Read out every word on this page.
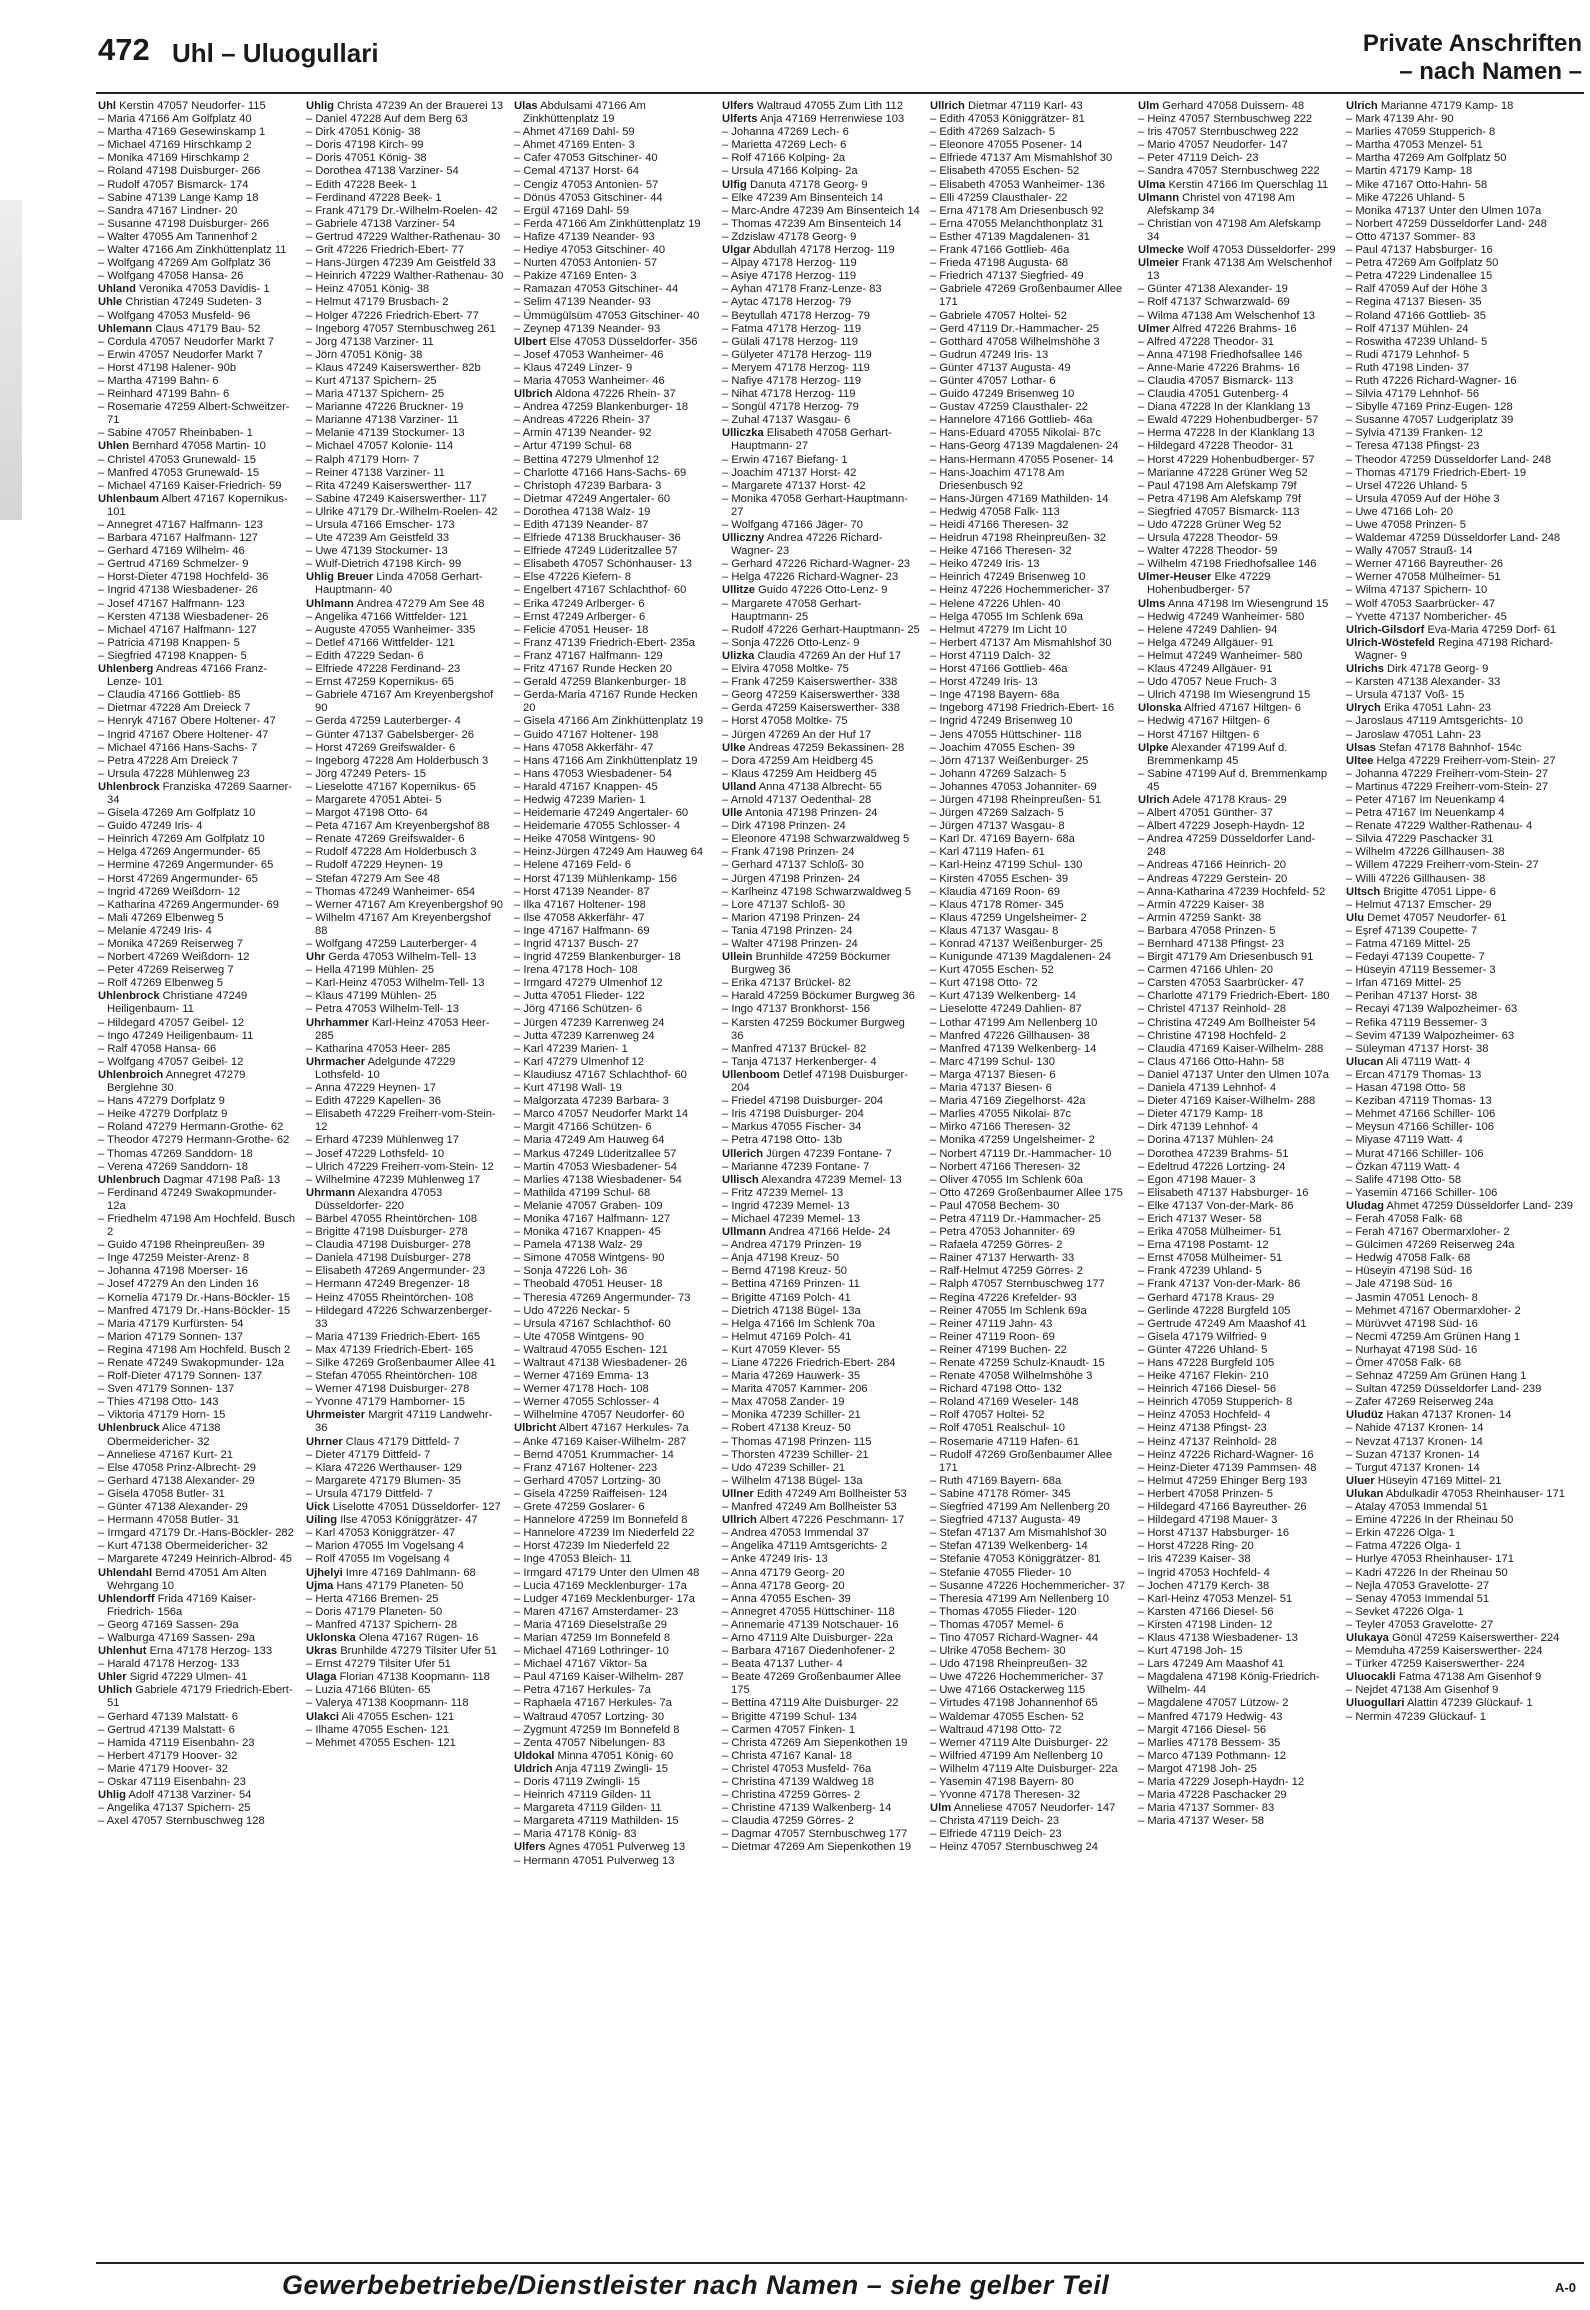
472 Uhl – Uluogullari	Private Anschriften
– nach Namen –

Uhl Kerstin 47057 Neudorfer- 115

– Maria 47166 Am Golfplatz 40

– Martha 47169 Gesewinskamp 1

– Michael 47169 Hirschkamp 2

– Monika 47169 Hirschkamp 2

– Roland 47198 Duisburger- 266

– Rudolf 47057 Bismarck- 174

– Sabine 47139 Lange Kamp 18

– Sandra 47167 Lindner- 20

– Susanne 47198 Duisburger- 266

– Walter 47055 Am Tannenhof 2

– Walter 47166 Am Zinkhüttenplatz 11

– Wolfgang 47269 Am Golfplatz 36

– Wolfgang 47058 Hansa- 26

Uhland Veronika 47053 Davidis- 1

Uhle Christian 47249 Sudeten- 3

– Wolfgang 47053 Musfeld- 96

Uhlemann Claus 47179 Bau- 52

– Cordula 47057 Neudorfer Markt 7

– Erwin 47057 Neudorfer Markt 7

– Horst 47198 Halener- 90b

– Martha 47199 Bahn- 6

– Reinhard 47199 Bahn- 6

– Rosemarie 47259 Albert-Schweitzer- 71

– Sabine 47057 Rheinbaben- 1

Uhlen Bernhard 47058 Martin- 10

– Christel 47053 Grunewald- 15

– Manfred 47053 Grunewald- 15

– Michael 47169 Kaiser-Friedrich- 59

Uhlenbaum Albert 47167 Kopernikus- 101

– Annegret 47167 Halfmann- 123

– Barbara 47167 Halfmann- 127

– Gerhard 47169 Wilhelm- 46

– Gertrud 47169 Schmelzer- 9

– Horst-Dieter 47198 Hochfeld- 36

– Ingrid 47138 Wiesbadener- 26

– Josef 47167 Halfmann- 123

– Kersten 47138 Wiesbadener- 26

– Michael 47167 Halfmann- 127

– Patricia 47198 Knappen- 5

– Siegfried 47198 Knappen- 5

Uhlenberg Andreas 47166 Franz-Lenze- 101

– Claudia 47166 Gottlieb- 85

– Dietmar 47228 Am Dreieck 7

– Henryk 47167 Obere Holtener- 47

– Ingrid 47167 Obere Holtener- 47

– Michael 47166 Hans-Sachs- 7

– Petra 47228 Am Dreieck 7

– Ursula 47228 Mühlenweg 23

Uhlenbrock Franziska 47269 Saarner- 34

– Gisela 47269 Am Golfplatz 10

– Guido 47249 Iris- 4

– Heinrich 47269 Am Golfplatz 10

– Helga 47269 Angermunder- 65

– Hermine 47269 Angermunder- 65

– Horst 47269 Angermunder- 65

– Ingrid 47269 Weißdorn- 12

– Katharina 47269 Angermunder- 69

– Mali 47269 Elbenweg 5

– Melanie 47249 Iris- 4

– Monika 47269 Reiserweg 7

– Norbert 47269 Weißdorn- 12

– Peter 47269 Reiserweg 7

– Rolf 47269 Elbenweg 5

Uhlenbrock Christiane 47249 Heiligenbaum- 11

– Hildegard 47057 Geibel- 12

– Ingo 47249 Heiligenbaum- 11

– Ralf 47058 Hansa- 66

– Wolfgang 47057 Geibel- 12

Uhlenbroich Annegret 47279 Berglehne 30

– Hans 47279 Dorfplatz 9

– Heike 47279 Dorfplatz 9

– Roland 47279 Hermann-Grothe- 62

– Theodor 47279 Hermann-Grothe- 62

– Thomas 47269 Sanddorn- 18

– Verena 47269 Sanddorn- 18

Uhlenbruch Dagmar 47198 Paß- 13

– Ferdinand 47249 Swakopmunder- 12a

– Friedhelm 47198 Am Hochfeld. Busch 2

– Guido 47198 Rheinpreußen- 39

– Inge 47259 Meister-Arenz- 8

– Johanna 47198 Moerser- 16

– Josef 47279 An den Linden 16

– Kornelia 47179 Dr.-Hans-Böckler- 15

– Manfred 47179 Dr.-Hans-Böckler- 15

– Maria 47179 Kurfürsten- 54

– Marion 47179 Sonnen- 137

– Regina 47198 Am Hochfeld. Busch 2

– Renate 47249 Swakopmunder- 12a

– Rolf-Dieter 47179 Sonnen- 137

– Sven 47179 Sonnen- 137

– Thies 47198 Otto- 143

– Viktoria 47179 Horn- 15

Uhlenbruck Alice 47138 Obermeidericher- 32

– Anneliese 47167 Kurt- 21

– Else 47058 Prinz-Albrecht- 29

– Gerhard 47138 Alexander- 29

– Gisela 47058 Butler- 31

– Günter 47138 Alexander- 29

– Hermann 47058 Butler- 31

– Irmgard 47179 Dr.-Hans-Böckler- 282

– Kurt 47138 Obermeidericher- 32

– Margarete 47249 Heinrich-Albrod- 45

Uhlendahl Bernd 47051 Am Alten Wehrgang 10

Uhlendorff Frida 47169 Kaiser-Friedrich- 156a

– Georg 47169 Sassen- 29a

– Walburga 47169 Sassen- 29a

Uhlenhut Erna 47178 Herzog- 133

– Harald 47178 Herzog- 133

Uhler Sigrid 47229 Ulmen- 41

Uhlich Gabriele 47179 Friedrich-Ebert- 51

– Gerhard 47139 Malstatt- 6

– Gertrud 47139 Malstatt- 6

– Hamida 47119 Eisenbahn- 23

– Herbert 47179 Hoover- 32

– Marie 47179 Hoover- 32

– Oskar 47119 Eisenbahn- 23

Uhlig Adolf 47138 Varziner- 54

– Angelika 47137 Spichern- 25

– Axel 47057 Sternbuschweg 128

Uhlig Christa 47239 An der Brauerei 13

– Daniel 47228 Auf dem Berg 63

– Dirk 47051 König- 38

– Doris 47198 Kirch- 99

– Doris 47051 König- 38

– Dorothea 47138 Varziner- 54

– Edith 47228 Beek- 1

– Ferdinand 47228 Beek- 1

– Frank 47179 Dr.-Wilhelm-Roelen- 42

– Gabriele 47138 Varziner- 54

– Gertrud 47229 Walther-Rathenau- 30

– Grit 47226 Friedrich-Ebert- 77

– Hans-Jürgen 47239 Am Geistfeld 33

– Heinrich 47229 Walther-Rathenau- 30

– Heinz 47051 König- 38

– Helmut 47179 Brusbach- 2

– Holger 47226 Friedrich-Ebert- 77

– Ingeborg 47057 Sternbuschweg 261

– Jörg 47138 Varziner- 11

– Jörn 47051 König- 38

– Klaus 47249 Kaiserswerther- 82b

– Kurt 47137 Spichern- 25

– Maria 47137 Spichern- 25

– Marianne 47226 Bruckner- 19

– Marianne 47138 Varziner- 11

– Melanie 47139 Stockumer- 13

– Michael 47057 Kolonie- 114

– Ralph 47179 Horn- 7

– Reiner 47138 Varziner- 11

– Rita 47249 Kaiserswerther- 117

– Sabine 47249 Kaiserswerther- 117

– Ulrike 47179 Dr.-Wilhelm-Roelen- 42

– Ursula 47166 Emscher- 173

– Ute 47239 Am Geistfeld 33

– Uwe 47139 Stockumer- 13

– Wulf-Dietrich 47198 Kirch- 99

Uhlig Breuer Linda 47058 Gerhart-Hauptmann- 40

Uhlmann Andrea 47279 Am See 48

– Angelika 47166 Wittfelder- 121

– Auguste 47055 Wanheimer- 335

– Detlef 47166 Wittfelder- 121

– Edith 47229 Sedan- 6

– Elfriede 47228 Ferdinand- 23

– Ernst 47259 Kopernikus- 65

– Gabriele 47167 Am Kreyenbergshof 90

– Gerda 47259 Lauterberger- 4

– Günter 47137 Gabelsberger- 26

– Horst 47269 Greifswalder- 6

– Ingeborg 47228 Am Holderbusch 3

– Jörg 47249 Peters- 15

– Lieselotte 47167 Kopernikus- 65

– Margarete 47051 Abtei- 5

– Margot 47198 Otto- 64

– Peta 47167 Am Kreyenbergshof 88

– Renate 47269 Greifswalder- 6

– Rudolf 47228 Am Holderbusch 3

– Rudolf 47229 Heynen- 19

– Stefan 47279 Am See 48

– Thomas 47249 Wanheimer- 654

– Werner 47167 Am Kreyenbergshof 90

– Wilhelm 47167 Am Kreyenbergshof 88

– Wolfgang 47259 Lauterberger- 4

Uhr Gerda 47053 Wilhelm-Tell- 13

– Hella 47199 Mühlen- 25

– Karl-Heinz 47053 Wilhelm-Tell- 13

– Klaus 47199 Mühlen- 25

– Petra 47053 Wilhelm-Tell- 13

Uhrhammer Karl-Heinz 47053 Heer- 285

– Katharina 47053 Heer- 285

Uhrmacher Adelgunde 47229 Lothsfeld- 10

– Anna 47229 Heynen- 17

– Edith 47229 Kapellen- 36

– Elisabeth 47229 Freiherr-vom-Stein- 12

– Erhard 47239 Mühlenweg 17

– Josef 47229 Lothsfeld- 10

– Ulrich 47229 Freiherr-vom-Stein- 12

– Wilhelmine 47239 Mühlenweg 17

Uhrmann Alexandra 47053 Düsseldorfer- 220

– Bärbel 47055 Rheintörchen- 108

– Brigitte 47198 Duisburger- 278

– Claudia 47198 Duisburger- 278

– Daniela 47198 Duisburger- 278

– Elisabeth 47269 Angermunder- 23

– Hermann 47249 Bregenzer- 18

– Heinz 47055 Rheintörchen- 108

– Hildegard 47226 Schwarzenberger- 33

– Maria 47139 Friedrich-Ebert- 165

– Max 47139 Friedrich-Ebert- 165

– Silke 47269 Großenbaumer Allee 41

– Stefan 47055 Rheintörchen- 108

– Werner 47198 Duisburger- 278

– Yvonne 47179 Hamborner- 15

Uhrmeister Margrit 47119 Landwehr- 36

Uhrner Claus 47179 Dittfeld- 7

– Dieter 47179 Dittfeld- 7

– Klara 47226 Werthauser- 129

– Margarete 47179 Blumen- 35

– Ursula 47179 Dittfeld- 7

Uick Liselotte 47051 Düsseldorfer- 127

Uiling Ilse 47053 Königgrätzer- 47

– Karl 47053 Königgrätzer- 47

– Marion 47055 Im Vogelsang 4

– Rolf 47055 Im Vogelsang 4

Ujhelyi Imre 47169 Dahlmann- 68

Ujma Hans 47179 Planeten- 50

– Herta 47166 Bremen- 25

– Doris 47179 Planeten- 50

– Manfred 47137 Spichern- 28

Uklonska Olena 47167 Rügen- 16

Ukras Brunhilde 47279 Tilsiter Ufer 51

– Ernst 47279 Tilsiter Ufer 51

Ulaga Florian 47138 Koopmann- 118

– Luzia 47166 Blüten- 65

– Valerya 47138 Koopmann- 118

Ulakci Ali 47055 Eschen- 121

– Ilhame 47055 Eschen- 121

– Mehmet 47055 Eschen- 121

Ulas Abdulsami 47166 Am Zinkhüttenplatz 19

– Ahmet 47169 Dahl- 59

– Ahmet 47169 Enten- 3

– Cafer 47053 Gitschiner- 40

– Cemal 47137 Horst- 64

– Cengiz 47053 Antonien- 57

– Dönüs 47053 Gitschiner- 44

– Ergül 47169 Dahl- 59

– Ferda 47166 Am Zinkhüttenplatz 19

– Hafize 47139 Neander- 93

– Hediye 47053 Gitschiner- 40

– Nurten 47053 Antonien- 57

– Pakize 47169 Enten- 3

– Ramazan 47053 Gitschiner- 44

– Selim 47139 Neander- 93

– Ümmügülsüm 47053 Gitschiner- 40

– Zeynep 47139 Neander- 93

Ulbert Else 47053 Düsseldorfer- 356

– Josef 47053 Wanheimer- 46

– Klaus 47249 Linzer- 9

– Maria 47053 Wanheimer- 46

Ulbrich Aldona 47226 Rhein- 37

– Andrea 47259 Blankenburger- 18

– Andreas 47226 Rhein- 37

– Armin 47139 Neander- 92

– Artur 47199 Schul- 68

– Bettina 47279 Ulmenhof 12

– Charlotte 47166 Hans-Sachs- 69

– Christoph 47239 Barbara- 3

– Dietmar 47249 Angertaler- 60

– Dorothea 47138 Walz- 19

– Edith 47139 Neander- 87

– Elfriede 47138 Bruckhauser- 36

– Elfriede 47249 Lüderitzallee 57

– Elisabeth 47057 Schönhauser- 13

– Else 47226 Kiefern- 8

– Engelbert 47167 Schlachthof- 60

– Erika 47249 Arlberger- 6

– Ernst 47249 Arlberger- 6

– Felicie 47051 Heuser- 18

– Franz 47139 Friedrich-Ebert- 235a

– Franz 47167 Halfmann- 129

– Fritz 47167 Runde Hecken 20

– Gerald 47259 Blankenburger- 18

– Gerda-Maria 47167 Runde Hecken 20

– Gisela 47166 Am Zinkhüttenplatz 19

– Guido 47167 Holtener- 198

– Hans 47058 Akkerfähr- 47

– Hans 47166 Am Zinkhüttenplatz 19

– Hans 47053 Wiesbadener- 54

– Harald 47167 Knappen- 45

– Hedwig 47239 Marien- 1

– Heidemarie 47249 Angertaler- 60

– Heidemarie 47055 Schlosser- 4

– Heike 47058 Wintgens- 90

– Heinz-Jürgen 47249 Am Hauweg 64

– Helene 47169 Feld- 6

– Horst 47139 Mühlenkamp- 156

– Horst 47139 Neander- 87

– Ilka 47167 Holtener- 198

– Ilse 47058 Akkerfähr- 47

– Inge 47167 Halfmann- 69

– Ingrid 47137 Busch- 27

– Ingrid 47259 Blankenburger- 18

– Irena 47178 Hoch- 108

– Irmgard 47279 Ulmenhof 12

– Jutta 47051 Flieder- 122

– Jörg 47166 Schützen- 6

– Jürgen 47239 Karrenweg 24

– Jutta 47239 Karrenweg 24

– Karl 47239 Marien- 1

– Karl 47279 Ulmenhof 12

– Klaudiusz 47167 Schlachthof- 60

– Kurt 47198 Wall- 19

– Malgorzata 47239 Barbara- 3

– Marco 47057 Neudorfer Markt 14

– Margit 47166 Schützen- 6

– Maria 47249 Am Hauweg 64

– Markus 47249 Lüderitzallee 57

– Martin 47053 Wiesbadener- 54

– Marlies 47138 Wiesbadener- 54

– Mathilda 47199 Schul- 68

– Melanie 47057 Graben- 109

– Monika 47167 Halfmann- 127

– Monika 47167 Knappen- 45

– Pamela 47138 Walz- 29

– Simone 47058 Wintgens- 90

– Sonja 47226 Loh- 36

– Theobald 47051 Heuser- 18

– Theresia 47269 Angermunder- 73

– Udo 47226 Neckar- 5

– Ursula 47167 Schlachthof- 60

– Ute 47058 Wintgens- 90

– Waltraud 47055 Eschen- 121

– Waltraut 47138 Wiesbadener- 26

– Werner 47169 Emma- 13

– Werner 47178 Hoch- 108

– Werner 47055 Schlosser- 4

– Wilhelmine 47057 Neudorfer- 60

Ulbricht Albert 47167 Herkules- 7a

– Anke 47169 Kaiser-Wilhelm- 287

– Bernd 47051 Krummacher- 14

– Franz 47167 Holtener- 223

– Gerhard 47057 Lortzing- 30

– Gisela 47259 Raiffeisen- 124

– Grete 47259 Goslarer- 6

– Hannelore 47259 Im Bonnefeld 8

– Hannelore 47239 Im Niederfeld 22

– Horst 47239 Im Niederfeld 22

– Inge 47053 Bleich- 11

– Irmgard 47179 Unter den Ulmen 48

– Lucia 47169 Mecklenburger- 17a

– Ludger 47169 Mecklenburger- 17a

– Maren 47167 Amsterdamer- 23

– Maria 47169 Dieselstraße 29

– Marian 47259 Im Bonnefeld 8

– Michael 47169 Lothringer- 10

– Michael 47167 Viktor- 5a

– Paul 47169 Kaiser-Wilhelm- 287

– Petra 47167 Herkules- 7a

– Raphaela 47167 Herkules- 7a

– Waltraud 47057 Lortzing- 30

– Zygmunt 47259 Im Bonnefeld 8

– Zenta 47057 Nibelungen- 83

Uldokal Minna 47051 König- 60

Uldrich Anja 47119 Zwingli- 15

– Doris 47119 Zwingli- 15

– Heinrich 47119 Gilden- 11

– Margareta 47119 Gilden- 11

– Margareta 47119 Mathilden- 15

– Maria 47178 König- 83

Ulfers Agnes 47051 Pulverweg 13

– Hermann 47051 Pulverweg 13

Ulfers Waltraud 47055 Zum Lith 112

Ulferts Anja 47169 Herrenwiese 103

– Johanna 47269 Lech- 6

– Marietta 47269 Lech- 6

– Rolf 47166 Kolping- 2a

– Ursula 47166 Kolping- 2a

Ulfig Danuta 47178 Georg- 9

– Elke 47239 Am Binsenteich 14

– Marc-Andre 47239 Am Binsenteich 14

– Thomas 47239 Am Binsenteich 14

– Zdzislaw 47178 Georg- 9

Ulgar Abdullah 47178 Herzog- 119

– Alpay 47178 Herzog- 119

– Asiye 47178 Herzog- 119

– Ayhan 47178 Franz-Lenze- 83

– Aytac 47178 Herzog- 79

– Beytullah 47178 Herzog- 79

– Fatma 47178 Herzog- 119

– Gülali 47178 Herzog- 119

– Gülyeter 47178 Herzog- 119

– Meryem 47178 Herzog- 119

– Nafiye 47178 Herzog- 119

– Nihat 47178 Herzog- 119

– Songül 47178 Herzog- 79

– Zuhal 47137 Wasgau- 6

Ulliczka Elisabeth 47058 Gerhart-Hauptmann- 27

– Erwin 47167 Biefang- 1

– Joachim 47137 Horst- 42

– Margarete 47137 Horst- 42

– Monika 47058 Gerhart-Hauptmann- 27

– Wolfgang 47166 Jäger- 70

Ulliczny Andrea 47226 Richard-Wagner- 23

– Gerhard 47226 Richard-Wagner- 23

– Helga 47226 Richard-Wagner- 23

Ullitze Guido 47226 Otto-Lenz- 9

– Margarete 47058 Gerhart-Hauptmann- 25

– Rudolf 47226 Gerhart-Hauptmann- 25

– Sonja 47226 Otto-Lenz- 9

Ulizka Claudia 47269 An der Huf 17

– Elvira 47058 Moltke- 75

– Frank 47259 Kaiserswerther- 338

– Georg 47259 Kaiserswerther- 338

– Gerda 47259 Kaiserswerther- 338

– Horst 47058 Moltke- 75

– Jürgen 47269 An der Huf 17

Ulke Andreas 47259 Bekassinen- 28

– Dora 47259 Am Heidberg 45

– Klaus 47259 Am Heidberg 45

Ulland Anna 47138 Albrecht- 55

– Arnold 47137 Oedenthal- 28

Ulle Antonia 47198 Prinzen- 24

– Dirk 47198 Prinzen- 24

– Eleonore 47198 Schwarzwaldweg 5

– Frank 47198 Prinzen- 24

– Gerhard 47137 Schloß- 30

– Jürgen 47198 Prinzen- 24

– Karlheinz 47198 Schwarzwaldweg 5

– Lore 47137 Schloß- 30

– Marion 47198 Prinzen- 24

– Tania 47198 Prinzen- 24

– Walter 47198 Prinzen- 24

Ullein Brunhilde 47259 Böckumer Burgweg 36

– Erika 47137 Brückel- 82

– Harald 47259 Böckumer Burgweg 36

– Ingo 47137 Bronkhorst- 156

– Karsten 47259 Böckumer Burgweg 36

– Manfred 47137 Brückel- 82

– Tanja 47137 Herkenberger- 4

Ullenboom Detlef 47198 Duisburger- 204

– Friedel 47198 Duisburger- 204

– Iris 47198 Duisburger- 204

– Markus 47055 Fischer- 34

– Petra 47198 Otto- 13b

Ullerich Jürgen 47239 Fontane- 7

– Marianne 47239 Fontane- 7

Ullisch Alexandra 47239 Memel- 13

– Fritz 47239 Memel- 13

– Ingrid 47239 Memel- 13

– Michael 47239 Memel- 13

Ullmann Andrea 47166 Helde- 24

– Andrea 47179 Prinzen- 19

– Anja 47198 Kreuz- 50

– Bernd 47198 Kreuz- 50

– Bettina 47169 Prinzen- 11

– Brigitte 47169 Polch- 41

– Dietrich 47138 Bügel- 13a

– Helga 47166 Im Schlenk 70a

– Helmut 47169 Polch- 41

– Kurt 47059 Klever- 55

– Liane 47226 Friedrich-Ebert- 284

– Maria 47269 Hauwerk- 35

– Marita 47057 Kammer- 206

– Max 47058 Zander- 19

– Monika 47239 Schiller- 21

– Robert 47138 Kreuz- 50

– Thomas 47198 Prinzen- 115

– Thorsten 47239 Schiller- 21

– Udo 47239 Schiller- 21

– Wilhelm 47138 Bügel- 13a

Ullner Edith 47249 Am Bollheister 53

– Manfred 47249 Am Bollheister 53

Ullrich Albert 47226 Peschmann- 17

– Andrea 47053 Immendal 37

– Angelika 47119 Amtsgerichts- 2

– Anke 47249 Iris- 13

– Anna 47179 Georg- 20

– Anna 47178 Georg- 20

– Anna 47055 Eschen- 39

– Annegret 47055 Hüttschiner- 118

– Annemarie 47139 Notschauer- 16

– Arno 47119 Alte Duisburger- 22a

– Barbara 47167 Diedenhofener- 2

– Beata 47137 Luther- 4

– Beate 47269 Großenbaumer Allee 175

– Bettina 47119 Alte Duisburger- 22

– Brigitte 47199 Schul- 134

– Carmen 47057 Finken- 1

– Christa 47269 Am Siepenkothen 19

– Christa 47167 Kanal- 18

– Christel 47053 Musfeld- 76a

– Christina 47139 Waldweg 18

– Christina 47259 Görres- 2

– Christine 47139 Walkenberg- 14

– Claudia 47259 Görres- 2

– Dagmar 47057 Sternbuschweg 177

– Dietmar 47269 Am Siepenkothen 19

Ullrich Dietmar 47119 Karl- 43

– Edith 47053 Königgrätzer- 81

– Edith 47269 Salzach- 5

– Eleonore 47055 Posener- 14

– Elfriede 47137 Am Mismahlshof 30

– Elisabeth 47055 Eschen- 52

– Elisabeth 47053 Wanheimer- 136

– Elli 47259 Clausthaler- 22

– Erna 47178 Am Driesenbusch 92

– Erna 47055 Melanchthonplatz 31

– Esther 47139 Magdalenen- 31

– Frank 47166 Gottlieb- 46a

– Frieda 47198 Augusta- 68

– Friedrich 47137 Siegfried- 49

– Gabriele 47269 Großenbaumer Allee 171

– Gabriele 47057 Holtei- 52

– Gerd 47119 Dr.-Hammacher- 25

– Gotthard 47058 Wilhelmshöhe 3

– Gudrun 47249 Iris- 13

– Günter 47137 Augusta- 49

– Günter 47057 Lothar- 6

– Guido 47249 Brisenweg 10

– Gustav 47259 Clausthaler- 22

– Hannelore 47166 Gottlieb- 46a

– Hans-Eduard 47055 Nikolai- 87c

– Hans-Georg 47139 Magdalenen- 24

– Hans-Hermann 47055 Posener- 14

– Hans-Joachim 47178 Am Driesenbusch 92

– Hans-Jürgen 47169 Mathilden- 14

– Hedwig 47058 Falk- 113

– Heidi 47166 Theresen- 32

– Heidrun 47198 Rheinpreußen- 32

– Heike 47166 Theresen- 32

– Heiko 47249 Iris- 13

– Heinrich 47249 Brisenweg 10

– Heinz 47226 Hochemmericher- 37

– Helene 47226 Uhlen- 40

– Helga 47055 Im Schlenk 69a

– Helmut 47279 Im Licht 10

– Herbert 47137 Am Mismahlshof 30

– Horst 47119 Dalch- 32

– Horst 47166 Gottlieb- 46a

– Horst 47249 Iris- 13

– Inge 47198 Bayern- 68a

– Ingeborg 47198 Friedrich-Ebert- 16

– Ingrid 47249 Brisenweg 10

– Jens 47055 Hüttschiner- 118

– Joachim 47055 Eschen- 39

– Jörn 47137 Weißenburger- 25

– Johann 47269 Salzach- 5

– Johannes 47053 Johanniter- 69

– Jürgen 47198 Rheinpreußen- 51

– Jürgen 47269 Salzach- 5

– Jürgen 47137 Wasgau- 8

– Karl Dr. 47169 Bayern- 68a

– Karl 47119 Hafen- 61

– Karl-Heinz 47199 Schul- 130

– Kirsten 47055 Eschen- 39

– Klaudia 47169 Roon- 69

– Klaus 47178 Römer- 345

– Klaus 47259 Ungelsheimer- 2

– Klaus 47137 Wasgau- 8

– Konrad 47137 Weißenburger- 25

– Kunigunde 47139 Magdalenen- 24

– Kurt 47055 Eschen- 52

– Kurt 47198 Otto- 72

– Kurt 47139 Welkenberg- 14

– Lieselotte 47249 Dahlien- 87

– Lothar 47199 Am Nellenberg 10

– Manfred 47226 Gillhausen- 38

– Manfred 47139 Welkenberg- 14

– Marc 47199 Schul- 130

– Marga 47137 Biesen- 6

– Maria 47137 Biesen- 6

– Maria 47169 Ziegelhorst- 42a

– Marlies 47055 Nikolai- 87c

– Mirko 47166 Theresen- 32

– Monika 47259 Ungelsheimer- 2

– Norbert 47119 Dr.-Hammacher- 10

– Norbert 47166 Theresen- 32

– Oliver 47055 Im Schlenk 60a

– Otto 47269 Großenbaumer Allee 175

– Paul 47058 Bechem- 30

– Petra 47119 Dr.-Hammacher- 25

– Petra 47053 Johanniter- 69

– Rafaela 47259 Görres- 2

– Rainer 47137 Herwarth- 33

– Ralf-Helmut 47259 Görres- 2

– Ralph 47057 Sternbuschweg 177

– Regina 47226 Krefelder- 93

– Reiner 47055 Im Schlenk 69a

– Reiner 47119 Jahn- 43

– Reiner 47119 Roon- 69

– Reiner 47199 Buchen- 22

– Renate 47259 Schulz-Knaudt- 15

– Renate 47058 Wilhelmshöhe 3

– Richard 47198 Otto- 132

– Roland 47169 Weseler- 148

– Rolf 47057 Holtei- 52

– Rolf 47051 Realschul- 10

– Rosemarie 47119 Hafen- 61

– Rudolf 47269 Großenbaumer Allee 171

– Ruth 47169 Bayern- 68a

– Sabine 47178 Römer- 345

– Siegfried 47199 Am Nellenberg 20

– Siegfried 47137 Augusta- 49

– Stefan 47137 Am Mismahlshof 30

– Stefan 47139 Welkenberg- 14

– Stefanie 47053 Königgrätzer- 81

– Stefanie 47055 Flieder- 10

– Susanne 47226 Hochemmericher- 37

– Theresia 47199 Am Nellenberg 10

– Thomas 47055 Flieder- 120

– Thomas 47057 Memel- 6

– Tino 47057 Richard-Wagner- 44

– Ulrike 47058 Bechem- 30

– Udo 47198 Rheinpreußen- 32

– Uwe 47226 Hochemmericher- 37

– Uwe 47166 Ostackerweg 115

– Virtudes 47198 Johannenhof 65

– Waldemar 47055 Eschen- 52

– Waltraud 47198 Otto- 72

– Werner 47119 Alte Duisburger- 22

– Wilfried 47199 Am Nellenberg 10

– Wilhelm 47119 Alte Duisburger- 22a

– Yasemin 47198 Bayern- 80

– Yvonne 47178 Theresen- 32

Ulm Anneliese 47057 Neudorfer- 147

– Christa 47119 Deich- 23

– Elfriede 47119 Deich- 23

– Heinz 47057 Sternbuschweg 24

Ulm Gerhard 47058 Duissern- 48

– Heinz 47057 Sternbuschweg 222

– Iris 47057 Sternbuschweg 222

– Mario 47057 Neudorfer- 147

– Peter 47119 Deich- 23

– Sandra 47057 Sternbuschweg 222

Ulma Kerstin 47166 Im Querschlag 11

Ulmann Christel von 47198 Am Alefskamp 34

– Christian von 47198 Am Alefskamp 34

Ulmecke Wolf 47053 Düsseldorfer- 299

Ulmeier Frank 47138 Am Welschenhof 13

– Günter 47138 Alexander- 19

– Rolf 47137 Schwarzwald- 69

– Wilma 47138 Am Welschenhof 13

Ulmer Alfred 47226 Brahms- 16

– Alfred 47228 Theodor- 31

– Anna 47198 Friedhofsallee 146

– Anne-Marie 47226 Brahms- 16

– Claudia 47057 Bismarck- 113

– Claudia 47051 Gutenberg- 4

– Diana 47228 In der Klanklang 13

– Ewald 47229 Hohenbudberger- 57

– Herma 47228 In der Klanklang 13

– Hildegard 47228 Theodor- 31

– Horst 47229 Hohenbudberger- 57

– Marianne 47228 Grüner Weg 52

– Paul 47198 Am Alefskamp 79f

– Petra 47198 Am Alefskamp 79f

– Siegfried 47057 Bismarck- 113

– Udo 47228 Grüner Weg 52

– Ursula 47228 Theodor- 59

– Walter 47228 Theodor- 59

– Wilhelm 47198 Friedhofsallee 146

Ulmer-Heuser Elke 47229 Hohenbudberger- 57

Ulms Anna 47198 Im Wiesengrund 15

– Hedwig 47249 Wanheimer- 580

– Helene 47249 Dahlien- 94

– Helga 47249 Allgäuer- 91

– Helmut 47249 Wanheimer- 580

– Klaus 47249 Allgäuer- 91

– Udo 47057 Neue Fruch- 3

– Ulrich 47198 Im Wiesengrund 15

Ulonska Alfried 47167 Hiltgen- 6

– Hedwig 47167 Hiltgen- 6

– Horst 47167 Hiltgen- 6

Ulpke Alexander 47199 Auf d. Bremmenkamp 45

– Sabine 47199 Auf d. Bremmenkamp 45

Ulrich Adele 47178 Kraus- 29

– Albert 47051 Günther- 37

– Albert 47229 Joseph-Haydn- 12

– Andrea 47259 Düsseldorfer Land- 248

– Andreas 47166 Heinrich- 20

– Andreas 47229 Gerstein- 20

– Anna-Katharina 47239 Hochfeld- 52

– Armin 47229 Kaiser- 38

– Armin 47259 Sankt- 38

– Barbara 47058 Prinzen- 5

– Bernhard 47138 Pfingst- 23

– Birgit 47179 Am Driesenbusch 91

– Carmen 47166 Uhlen- 20

– Carsten 47053 Saarbrücker- 47

– Charlotte 47179 Friedrich-Ebert- 180

– Christel 47137 Reinhold- 28

– Christina 47249 Am Bollheister 54

– Christine 47198 Hochfeld- 2

– Claudia 47169 Kaiser-Wilhelm- 288

– Claus 47166 Otto-Hahn- 58

– Daniel 47137 Unter den Ulmen 107a

– Daniela 47139 Lehnhof- 4

– Dieter 47169 Kaiser-Wilhelm- 288

– Dieter 47179 Kamp- 18

– Dirk 47139 Lehnhof- 4

– Dorina 47137 Mühlen- 24

– Dorothea 47239 Brahms- 51

– Edeltrud 47226 Lortzing- 24

– Egon 47198 Mauer- 3

– Elisabeth 47137 Habsburger- 16

– Elke 47137 Von-der-Mark- 86

– Erich 47137 Weser- 58

– Erika 47058 Mülheimer- 51

– Erna 47198 Postamt- 12

– Ernst 47058 Mülheimer- 51

– Frank 47239 Uhland- 5

– Frank 47137 Von-der-Mark- 86

– Gerhard 47178 Kraus- 29

– Gerlinde 47228 Burgfeld 105

– Gertrude 47249 Am Maashof 41

– Gisela 47179 Wilfried- 9

– Günter 47226 Uhland- 5

– Hans 47228 Burgfeld 105

– Heike 47167 Flekin- 210

– Heinrich 47166 Diesel- 56

– Heinrich 47059 Stupperich- 8

– Heinz 47053 Hochfeld- 4

– Heinz 47138 Pfingst- 23

– Heinz 47137 Reinhold- 28

– Heinz 47226 Richard-Wagner- 16

– Heinz-Dieter 47139 Pammsen- 48

– Helmut 47259 Ehinger Berg 193

– Herbert 47058 Prinzen- 5

– Hildegard 47166 Bayreuther- 26

– Hildegard 47198 Mauer- 3

– Horst 47137 Habsburger- 16

– Horst 47228 Ring- 20

– Iris 47239 Kaiser- 38

– Ingrid 47053 Hochfeld- 4

– Jochen 47179 Kerch- 38

– Karl-Heinz 47053 Menzel- 51

– Karsten 47166 Diesel- 56

– Kirsten 47198 Linden- 12

– Klaus 47138 Wiesbadener- 13

– Kurt 47198 Joh- 15

– Lars 47249 Am Maashof 41

– Magdalena 47198 König-Friedrich-Wilhelm- 44

– Magdalene 47057 Lützow- 2

– Manfred 47179 Hedwig- 43

– Margit 47166 Diesel- 56

– Marlies 47178 Bessem- 35

– Marco 47139 Pothmann- 12

– Margot 47198 Joh- 25

– Maria 47229 Joseph-Haydn- 12

– Maria 47228 Paschacker 29

– Maria 47137 Sommer- 83

– Maria 47137 Weser- 58

Ulrich Marianne 47179 Kamp- 18

– Mark 47139 Ahr- 90

– Marlies 47059 Stupperich- 8

– Martha 47053 Menzel- 51

– Martha 47269 Am Golfplatz 50

– Martin 47179 Kamp- 18

– Mike 47167 Otto-Hahn- 58

– Mike 47226 Uhland- 5

– Monika 47137 Unter den Ulmen 107a

– Norbert 47259 Düsseldorfer Land- 248

– Otto 47137 Sommer- 83

– Paul 47137 Habsburger- 16

– Petra 47269 Am Golfplatz 50

– Petra 47229 Lindenallee 15

– Ralf 47059 Auf der Höhe 3

– Regina 47137 Biesen- 35

– Roland 47166 Gottlieb- 35

– Rolf 47137 Mühlen- 24

– Roswitha 47239 Uhland- 5

– Rudi 47179 Lehnhof- 5

– Ruth 47198 Linden- 37

– Ruth 47226 Richard-Wagner- 16

– Silvia 47179 Lehnhof- 56

– Sibylle 47169 Prinz-Eugen- 128

– Susanne 47057 Ludgeriplatz 39

– Sylvia 47139 Franken- 12

– Teresa 47138 Pfingst- 23

– Theodor 47259 Düsseldorfer Land- 248

– Thomas 47179 Friedrich-Ebert- 19

– Ursel 47226 Uhland- 5

– Ursula 47059 Auf der Höhe 3

– Uwe 47166 Loh- 20

– Uwe 47058 Prinzen- 5

– Waldemar 47259 Düsseldorfer Land- 248

– Wally 47057 Strauß- 14

– Werner 47166 Bayreuther- 26

– Werner 47058 Mülheimer- 51

– Wilma 47137 Spichern- 10

– Wolf 47053 Saarbrücker- 47

– Yvette 47137 Nombericher- 45

Ulrich-Gilsdorf Eva-Maria 47259 Dorf- 61

Ulrich-Wöstefeld Regina 47198 Richard-Wagner- 9

Ulrichs Dirk 47178 Georg- 9

– Karsten 47138 Alexander- 33

– Ursula 47137 Voß- 15

Ulrych Erika 47051 Lahn- 23

– Jaroslaus 47119 Amtsgerichts- 10

– Jaroslaw 47051 Lahn- 23

Ulsas Stefan 47178 Bahnhof- 154c

Ultee Helga 47229 Freiherr-vom-Stein- 27

– Johanna 47229 Freiherr-vom-Stein- 27

– Martinus 47229 Freiherr-vom-Stein- 27

– Peter 47167 Im Neuenkamp 4

– Petra 47167 Im Neuenkamp 4

– Renate 47229 Walther-Rathenau- 4

– Silvia 47229 Paschacker 31

– Wilhelm 47226 Gillhausen- 38

– Willem 47229 Freiherr-vom-Stein- 27

– Willi 47226 Gillhausen- 38

Ultsch Brigitte 47051 Lippe- 6

– Helmut 47137 Emscher- 29

Ulu Demet 47057 Neudorfer- 61

– Eşref 47139 Coupette- 7

– Fatma 47169 Mittel- 25

– Fedayi 47139 Coupette- 7

– Hüseyin 47119 Bessemer- 3

– Irfan 47169 Mittel- 25

– Perihan 47137 Horst- 38

– Recayi 47139 Walpozheimer- 63

– Refika 47119 Bessemer- 3

– Sevim 47139 Walpozheimer- 63

– Süleyman 47137 Horst- 38

Ulucan Ali 47119 Watt- 4

– Ercan 47179 Thomas- 13

– Hasan 47198 Otto- 58

– Keziban 47119 Thomas- 13

– Mehmet 47166 Schiller- 106

– Meysun 47166 Schiller- 106

– Miyase 47119 Watt- 4

– Murat 47166 Schiller- 106

– Özkan 47119 Watt- 4

– Salife 47198 Otto- 58

– Yasemin 47166 Schiller- 106

Uludag Ahmet 47259 Düsseldorfer Land- 239

– Ferah 47058 Falk- 68

– Ferah 47167 Obermarxloher- 2

– Gülcimen 47269 Reiserweg 24a

– Hedwig 47058 Falk- 68

– Hüseyin 47198 Süd- 16

– Jale 47198 Süd- 16

– Jasmin 47051 Lenoch- 8

– Mehmet 47167 Obermarxloher- 2

– Mürüvvet 47198 Süd- 16

– Necmi 47259 Am Grünen Hang 1

– Nurhayat 47198 Süd- 16

– Ömer 47058 Falk- 68

– Sehnaz 47259 Am Grünen Hang 1

– Sultan 47259 Düsseldorfer Land- 239

– Zafer 47269 Reiserweg 24a

Uludüz Hakan 47137 Kronen- 14

– Nahide 47137 Kronen- 14

– Nevzat 47137 Kronen- 14

– Suzan 47137 Kronen- 14

– Turgut 47137 Kronen- 14

Uluer Hüseyin 47169 Mittel- 21

Ulukan Abdulkadir 47053 Rheinhauser- 171

– Atalay 47053 Immendal 51

– Emine 47226 In der Rheinau 50

– Erkin 47226 Olga- 1

– Fatma 47226 Olga- 1

– Hurlye 47053 Rheinhauser- 171

– Kadri 47226 In der Rheinau 50

– Nejla 47053 Gravelotte- 27

– Senay 47053 Immendal 51

– Sevket 47226 Olga- 1

– Teyler 47053 Gravelotte- 27

Ulukaya Gönül 47259 Kaiserswerther- 224

– Memduha 47259 Kaiserswerther- 224

– Türker 47259 Kaiserswerther- 224

Uluocakli Fatma 47138 Am Gisenhof 9

– Nejdet 47138 Am Gisenhof 9

Uluogullari Alattin 47239 Glückauf- 1

– Nermin 47239 Glückauf- 1

Gewerbebetriebe/Dienstleister nach Namen – siehe gelber Teil	A-0
